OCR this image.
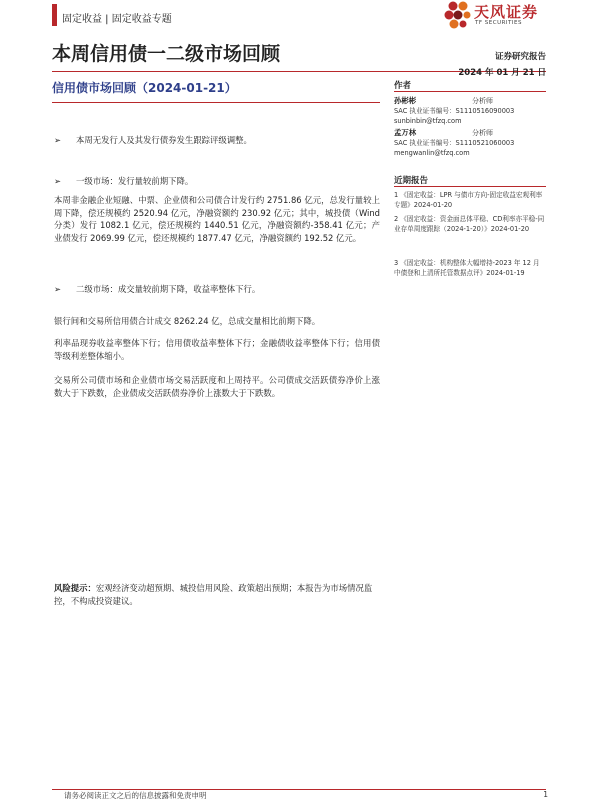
固定收益 | 固定收益专题	天风证券
TF SECURITIES
本周信用债一二级市场回顾	证券研究报告
2024 年 01 月 21 日
信用债市场回顾（2024-01-21）
➢ 本周无发行人及其发行债券发生跟踪评级调整。
➢ 一级市场：发行量较前期下降。
本周非金融企业短融、中票、企业债和公司债合计发行约 2751.86 亿元，总发行量较上周下降，偿还规模约 2520.94 亿元，净融资额约 230.92 亿元；其中，城投债（Wind 分类）发行 1082.1 亿元，偿还规模约 1440.51 亿元，净融资额约-358.41 亿元；产业债发行 2069.99 亿元，偿还规模约 1877.47 亿元，净融资额约 192.52 亿元。
➢ 二级市场：成交量较前期下降，收益率整体下行。
银行间和交易所信用债合计成交 8262.24 亿，总成交量相比前期下降。
利率品现券收益率整体下行；信用债收益率整体下行；金融债收益率整体下行；信用债等级利差整体缩小。
交易所公司债市场和企业债市场交易活跃度和上周持平。公司债成交活跃债券净价上涨数大于下跌数，企业债成交活跃债券净价上涨数大于下跌数。
风险提示：宏观经济变动超预期、城投信用风险、政策超出预期；本报告为市场情况监控，不构成投资建议。
作者
孙彬彬	分析师
SAC 执业证书编号：S1110516090003
sunbinbin@tfzq.com
孟万林	分析师
SAC 执业证书编号：S1110521060003
mengwanlin@tfzq.com
近期报告
1 《固定收益：LPR 与债市方向-固定收益宏观利率专题》2024-01-20
2 《固定收益：资金面总体平稳、CD利率亦平稳-同业存单周度跟踪（2024-1-20）》2024-01-20
3 《固定收益：机构整体大幅增持-2023 年 12 月中债登和上清所托管数据点评》2024-01-19
请务必阅读正文之后的信息披露和免责申明	1
